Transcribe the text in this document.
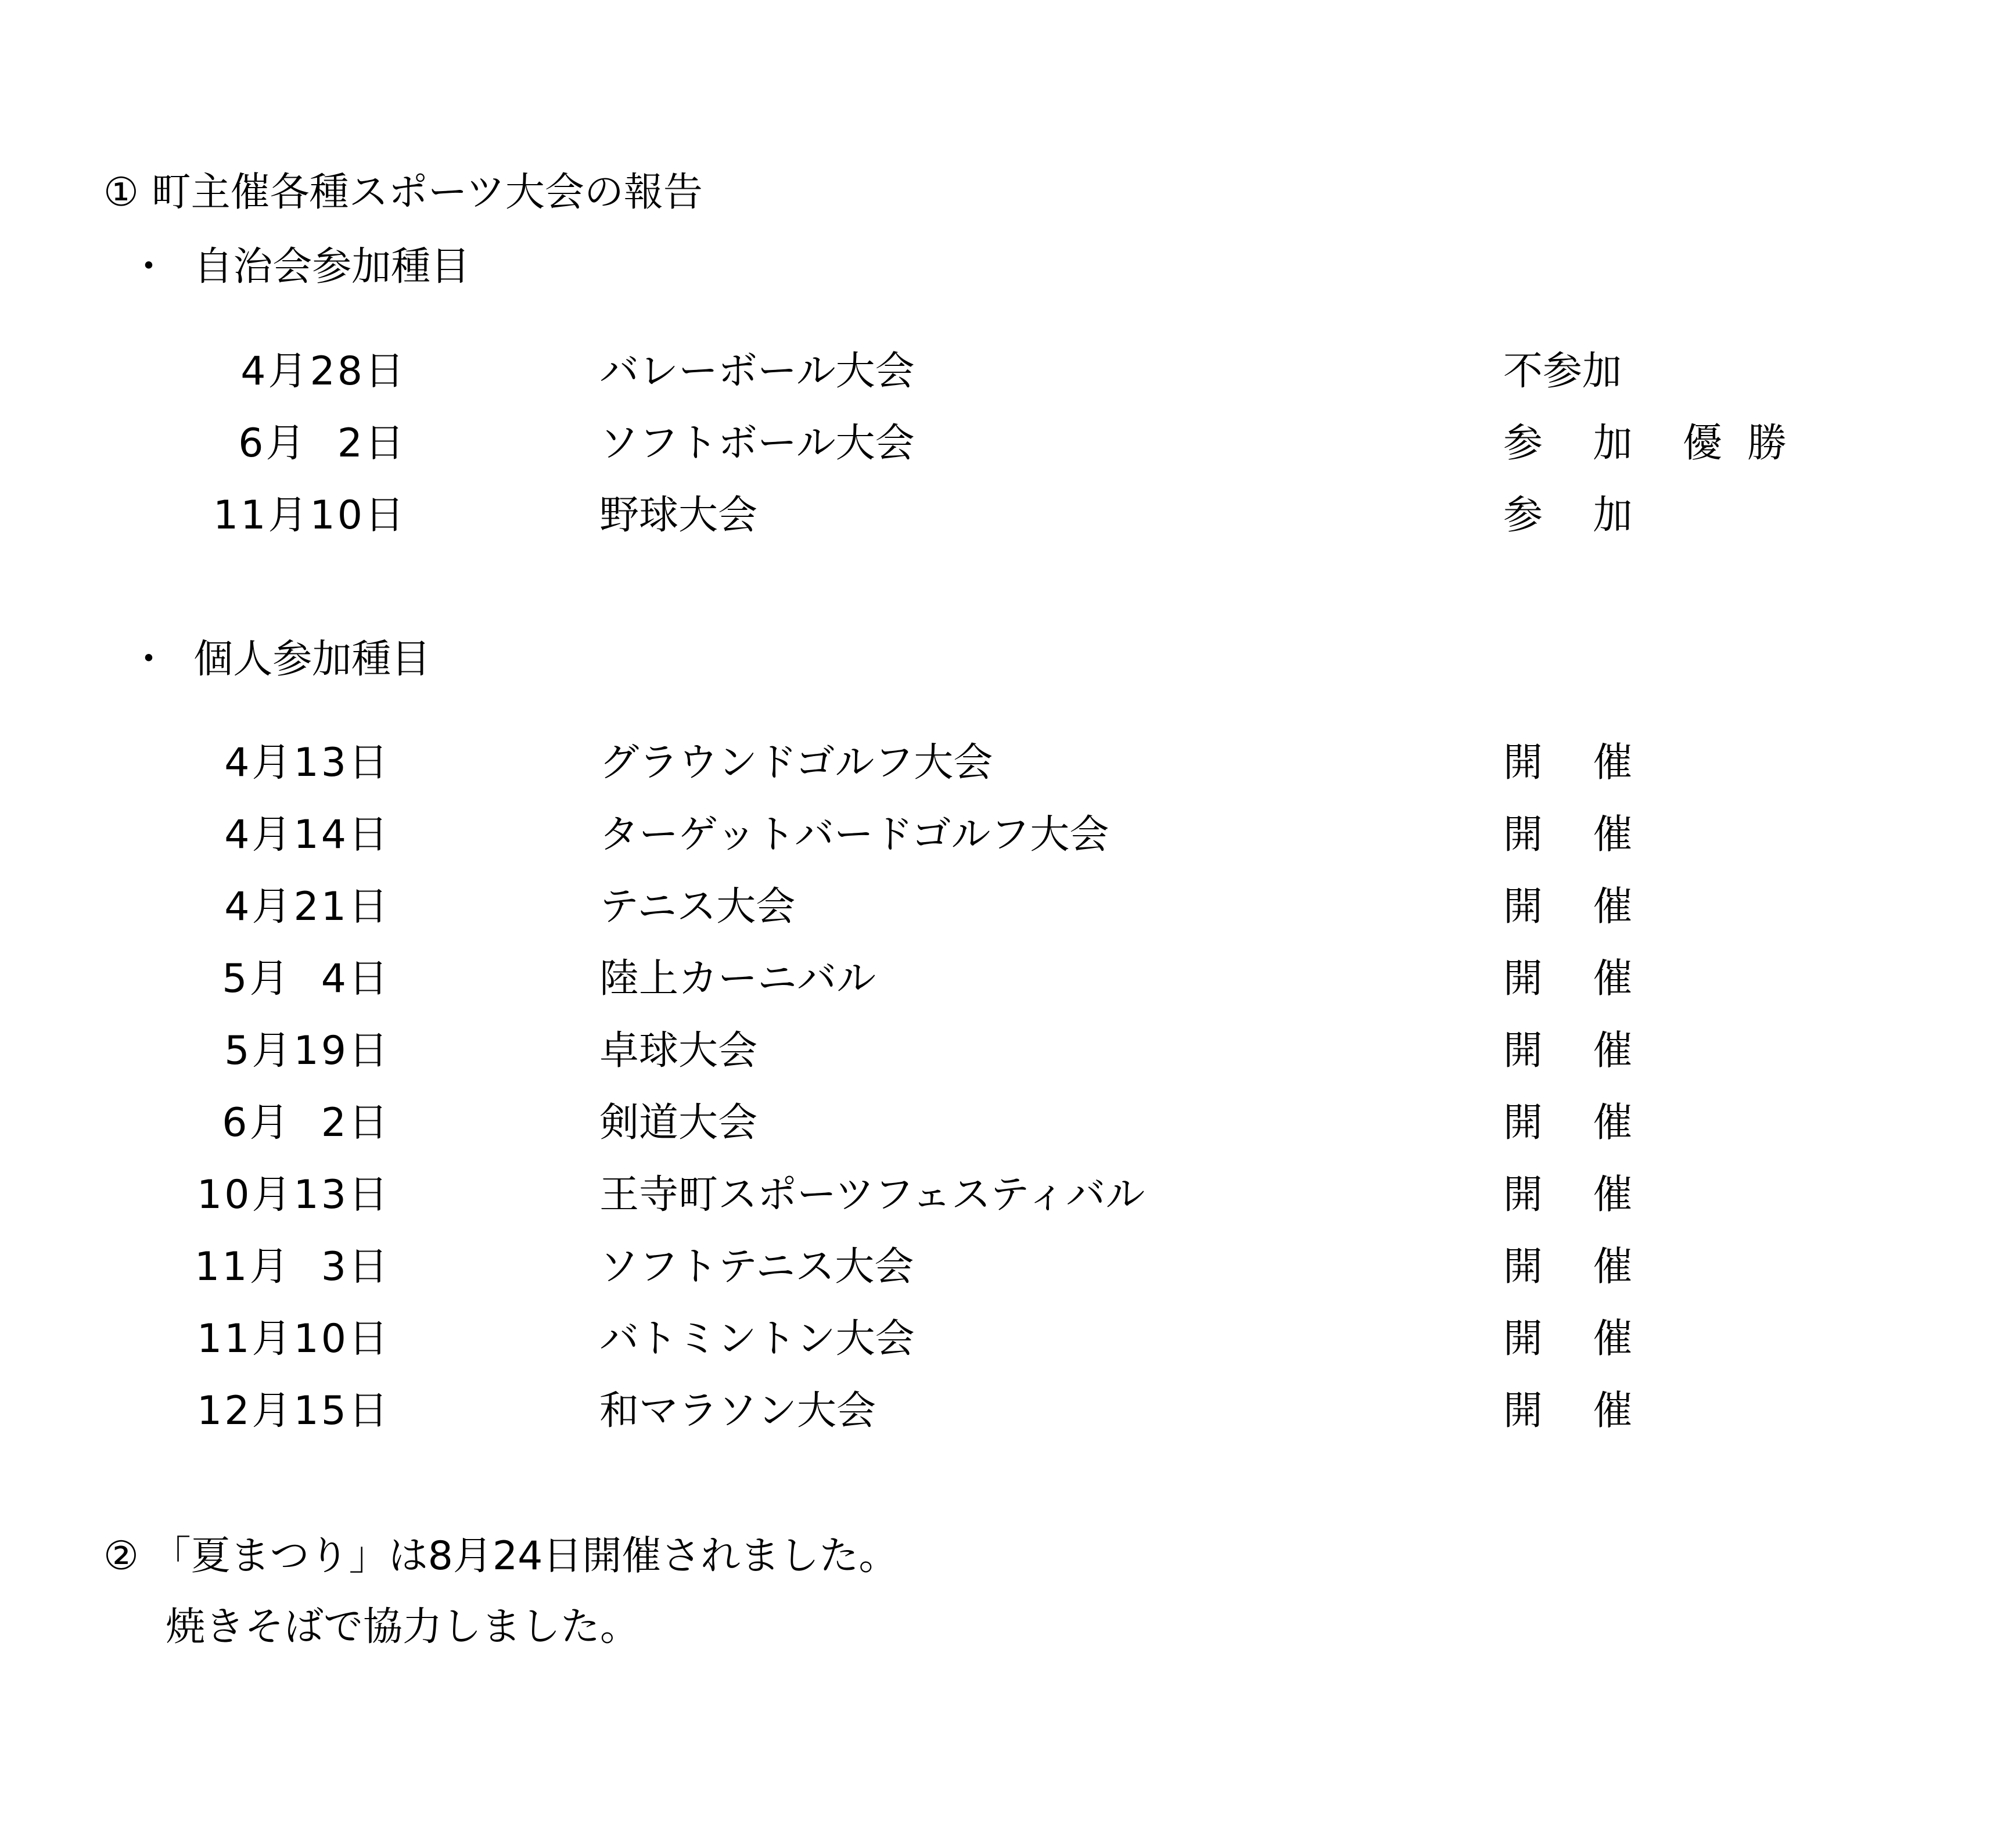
① 町主催各種スポーツ大会の報告
・  自治会参加種目
4月28日	バレーボール大会	不参加
6月  2日	ソフトボール大会	参    加    優  勝
11月10日	野球大会	参    加
・  個人参加種目
4月13日	グラウンドゴルフ大会	開    催
4月14日	ターゲットバードゴルフ大会	開    催
4月21日	テニス大会	開    催
5月  4日	陸上カーニバル	開    催
5月19日	卓球大会	開    催
6月  2日	剣道大会	開    催
10月13日	王寺町スポーツフェスティバル	開    催
11月  3日	ソフトテニス大会	開    催
11月10日	バトミントン大会	開    催
12月15日	和マラソン大会	開    催
② 「夏まつり」は8月24日開催されました。
焼きそばで協力しました。
